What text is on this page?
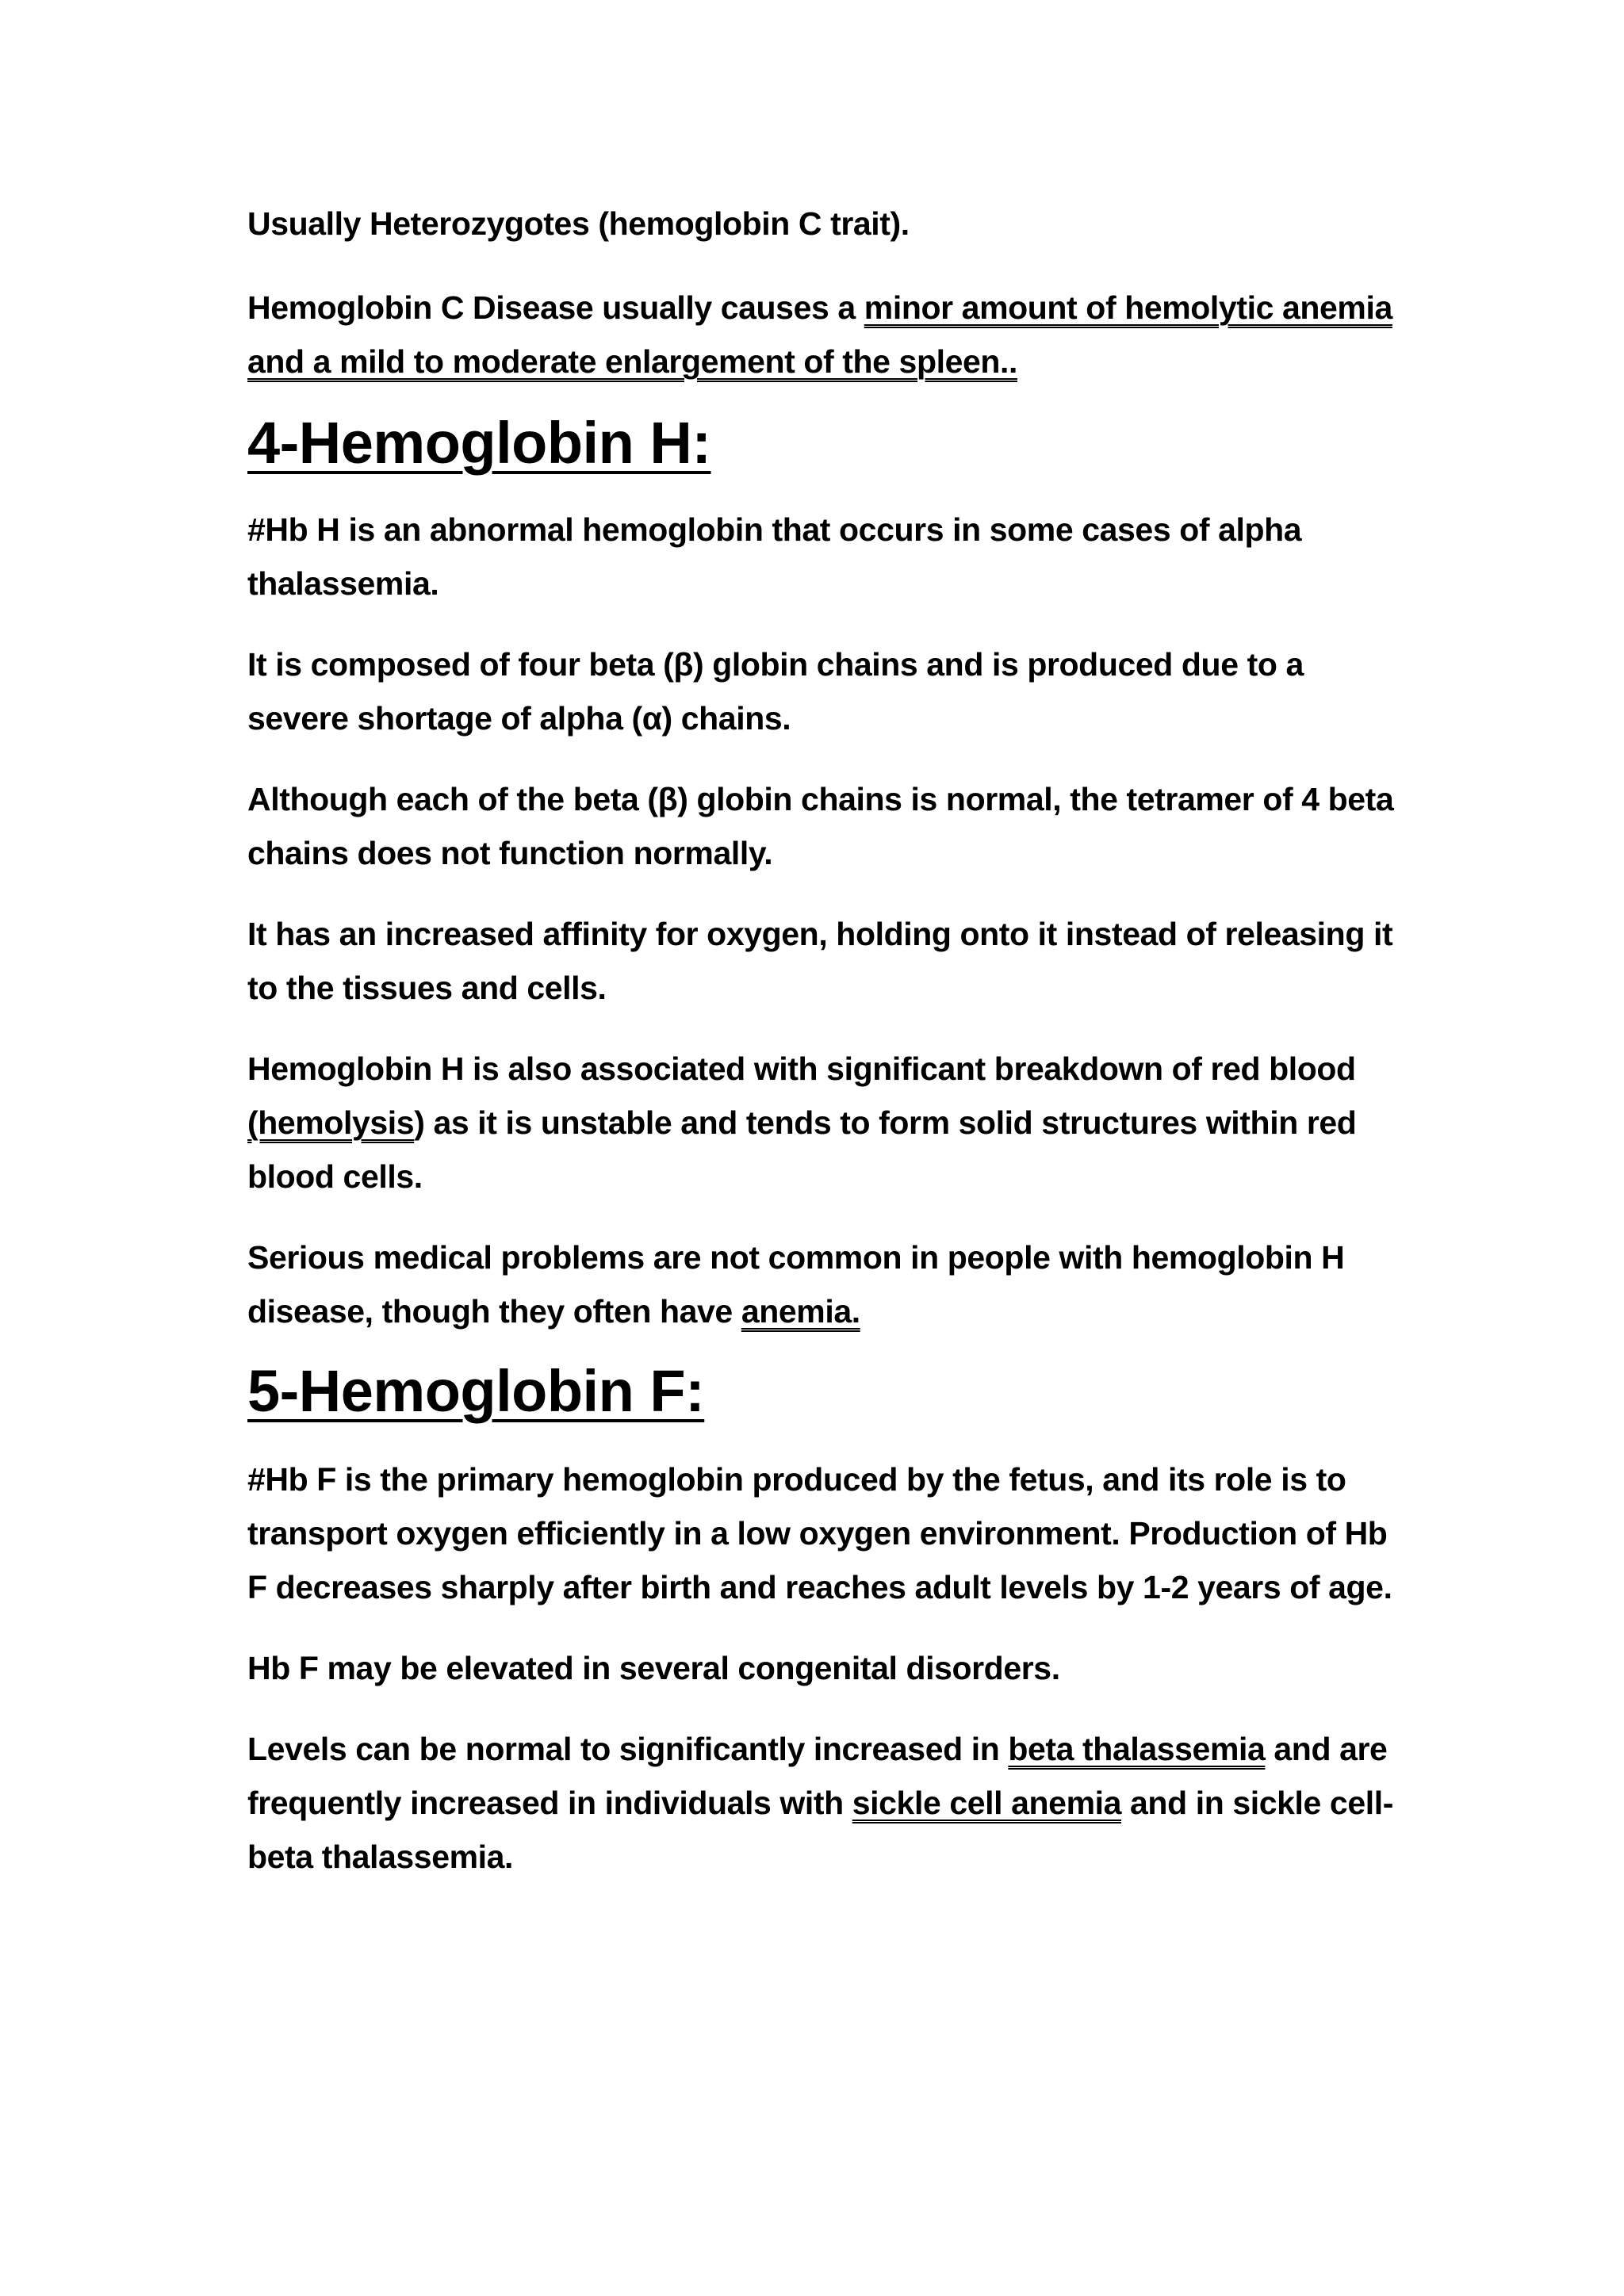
Usually Heterozygotes (hemoglobin C trait).

Hemoglobin C Disease usually causes a minor amount of hemolytic anemia and a mild to moderate enlargement of the spleen..

4-Hemoglobin H:

#Hb H is an abnormal hemoglobin that occurs in some cases of alpha thalassemia.

It is composed of four beta (β) globin chains and is produced due to a severe shortage of alpha (α) chains.

Although each of the beta (β) globin chains is normal, the tetramer of 4 beta chains does not function normally.

It has an increased affinity for oxygen, holding onto it instead of releasing it to the tissues and cells.

Hemoglobin H is also associated with significant breakdown of red blood (hemolysis) as it is unstable and tends to form solid structures within red blood cells.

Serious medical problems are not common in people with hemoglobin H disease, though they often have anemia.

5-Hemoglobin F:

#Hb F is the primary hemoglobin produced by the fetus, and its role is to transport oxygen efficiently in a low oxygen environment. Production of Hb F decreases sharply after birth and reaches adult levels by 1-2 years of age.

Hb F may be elevated in several congenital disorders.

Levels can be normal to significantly increased in beta thalassemia and are frequently increased in individuals with sickle cell anemia and in sickle cell-beta thalassemia.
